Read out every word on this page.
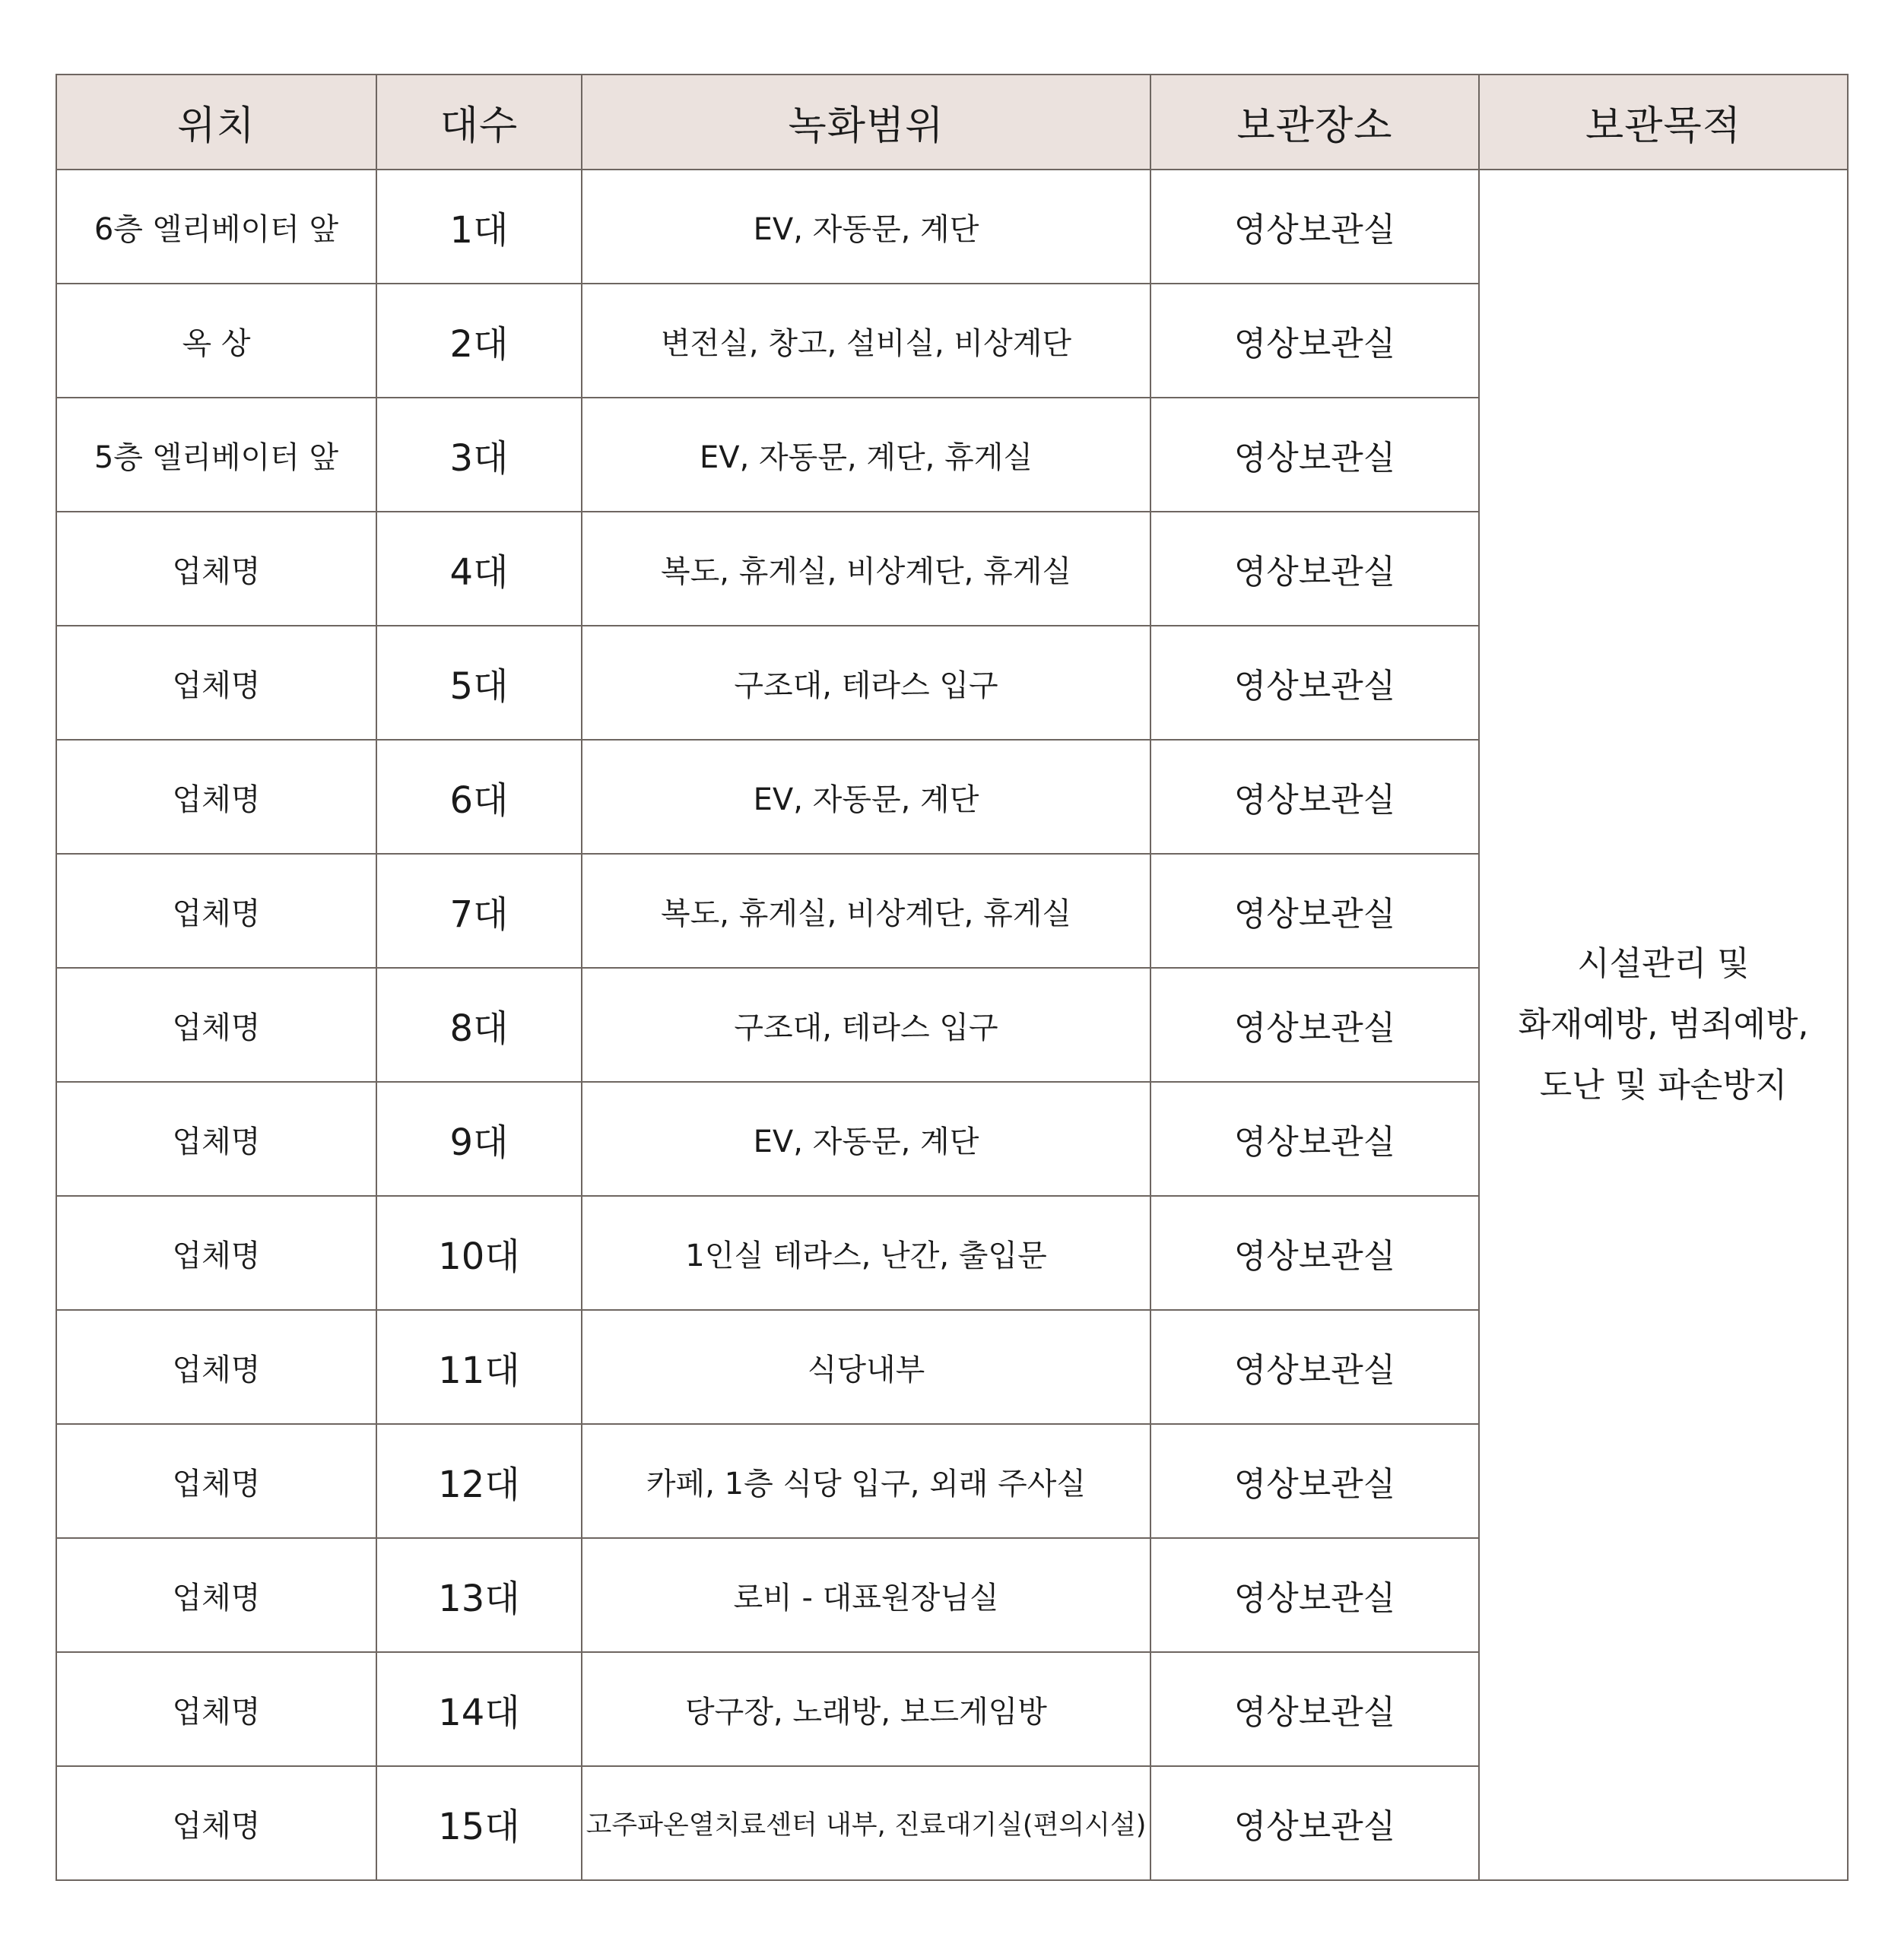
위치	대수	녹화범위	보관장소	보관목적
6층 엘리베이터 앞	1대	EV, 자동문, 계단	영상보관실	시설관리 및
화재예방, 범죄예방,
도난 및 파손방지

옥 상	2대	변전실, 창고, 설비실, 비상계단	영상보관실	
5층 엘리베이터 앞	3대	EV, 자동문, 계단, 휴게실	영상보관실	
업체명	4대	복도, 휴게실, 비상계단, 휴게실	영상보관실	
업체명	5대	구조대, 테라스 입구	영상보관실	
업체명	6대	EV, 자동문, 계단	영상보관실	
업체명	7대	복도, 휴게실, 비상계단, 휴게실	영상보관실	
업체명	8대	구조대, 테라스 입구	영상보관실	
업체명	9대	EV, 자동문, 계단	영상보관실	
업체명	10대	1인실 테라스, 난간, 출입문	영상보관실	
업체명	11대	식당내부	영상보관실	
업체명	12대	카페, 1층 식당 입구, 외래 주사실	영상보관실	
업체명	13대	로비 - 대표원장님실	영상보관실	
업체명	14대	당구장, 노래방, 보드게임방	영상보관실	
업체명	15대	고주파온열치료센터 내부, 진료대기실(편의시설)	영상보관실	
